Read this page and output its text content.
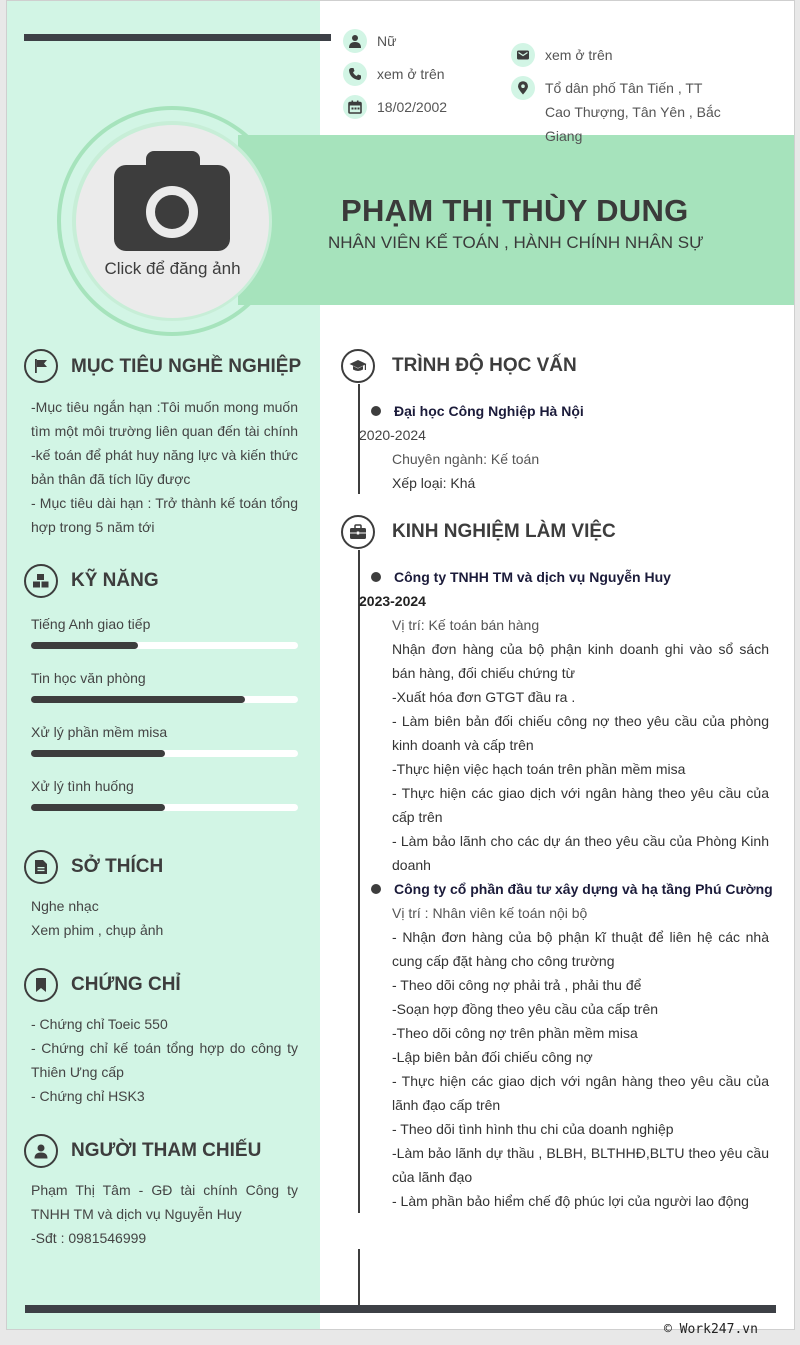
Nữ
xem ở trên
18/02/2002
xem ở trên
Tổ dân phố Tân Tiến , TT Cao Thượng, Tân Yên , Bắc Giang
Click để đăng ảnh
PHẠM THỊ THÙY DUNG
NHÂN VIÊN KẾ TOÁN , HÀNH CHÍNH NHÂN SỰ
MỤC TIÊU NGHỀ NGHIỆP
-Mục tiêu ngắn hạn :Tôi muốn mong muốn tìm một môi trường liên quan đến tài chính -kế toán để phát huy năng lực và kiến thức bản thân đã tích lũy được
- Mục tiêu dài hạn : Trở thành kế toán tổng hợp trong 5 năm tới
KỸ NĂNG
Tiếng Anh giao tiếp
Tin học văn phòng
Xử lý phần mềm misa
Xử lý tình huống
SỞ THÍCH
Nghe nhạc
Xem phim , chụp ảnh
CHỨNG CHỈ
- Chứng chỉ Toeic 550
- Chứng chỉ kế toán tổng hợp do công ty Thiên Ưng cấp
- Chứng chỉ HSK3
NGƯỜI THAM CHIẾU
Phạm Thị Tâm - GĐ tài chính Công ty TNHH TM và dịch vụ Nguyễn Huy
-Sđt : 0981546999
TRÌNH ĐỘ HỌC VẤN
Đại học Công Nghiệp Hà Nội
2020-2024
Chuyên ngành: Kế toán
Xếp loại: Khá
KINH NGHIỆM LÀM VIỆC
Công ty TNHH TM và dịch vụ Nguyễn Huy
2023-2024
Vị trí: Kế toán bán hàng
Nhận đơn hàng của bộ phận kinh doanh ghi vào sổ sách bán hàng, đối chiếu chứng từ
-Xuất hóa đơn GTGT đầu ra .
- Làm biên bản đối chiếu công nợ theo yêu cầu của phòng kinh doanh và cấp trên
-Thực hiện việc hạch toán trên phần mềm misa
- Thực hiện các giao dịch với ngân hàng theo yêu cầu của cấp trên
- Làm bảo lãnh cho các dự án theo yêu cầu của Phòng Kinh doanh
Công ty cổ phần đầu tư xây dựng và hạ tầng Phú Cường
Vị trí : Nhân viên kế toán nội bộ
- Nhận đơn hàng của bộ phận kĩ thuật để liên hệ các nhà cung cấp đặt hàng cho công trường
- Theo dõi công nợ phải trả , phải thu để
-Soạn hợp đồng theo yêu cầu của cấp trên
-Theo dõi công nợ trên phần mềm misa
-Lập biên bản đối chiếu công nợ
- Thực hiện các giao dịch với ngân hàng theo yêu cầu của lãnh đạo cấp trên
- Theo dõi tình hình thu chi của doanh nghiệp
-Làm bảo lãnh dự thầu , BLBH, BLTHHĐ,BLTU theo yêu cầu của lãnh đạo
- Làm phần bảo hiểm chế độ phúc lợi của người lao động
© Work247.vn
